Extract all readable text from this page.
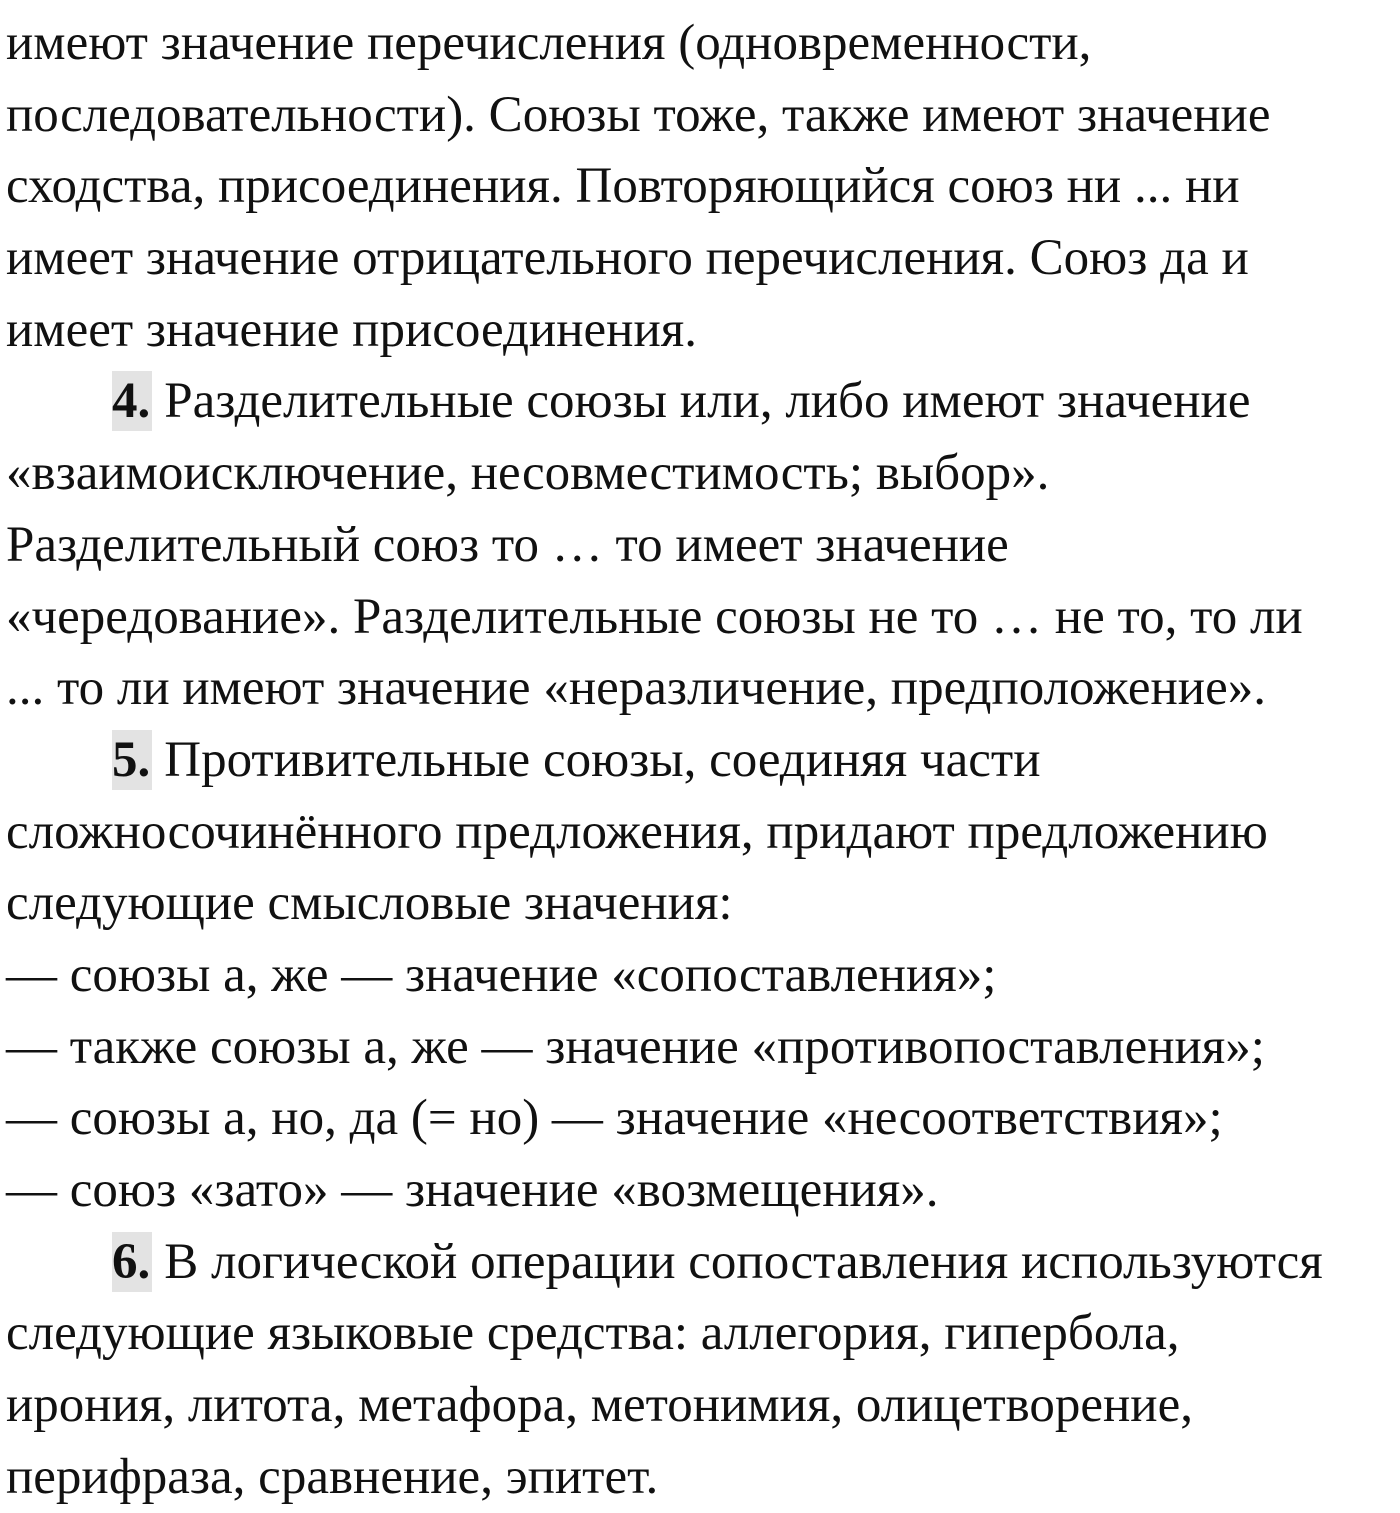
имеют значение перечисления (одновременности,
последовательности). Союзы тоже, также имеют значение
сходства, присоединения. Повторяющийся союз ни ... ни
имеет значение отрицательного перечисления. Союз да и
имеет значение присоединения.
4. Разделительные союзы или, либо имеют значение
«взаимоисключение, несовместимость; выбор».
Разделительный союз то … то имеет значение
«чередование». Разделительные союзы не то … не то, то ли
... то ли имеют значение «неразличение, предположение».
5. Противительные союзы, соединяя части
сложносочинённого предложения, придают предложению
следующие смысловые значения:
— союзы а, же — значение «сопоставления»;
— также союзы а, же — значение «противопоставления»;
— союзы а, но, да (= но) — значение «несоответствия»;
— союз «зато» — значение «возмещения».
6. В логической операции сопоставления используются
следующие языковые средства: аллегория, гипербола,
ирония, литота, метафора, метонимия, олицетворение,
перифраза, сравнение, эпитет.
